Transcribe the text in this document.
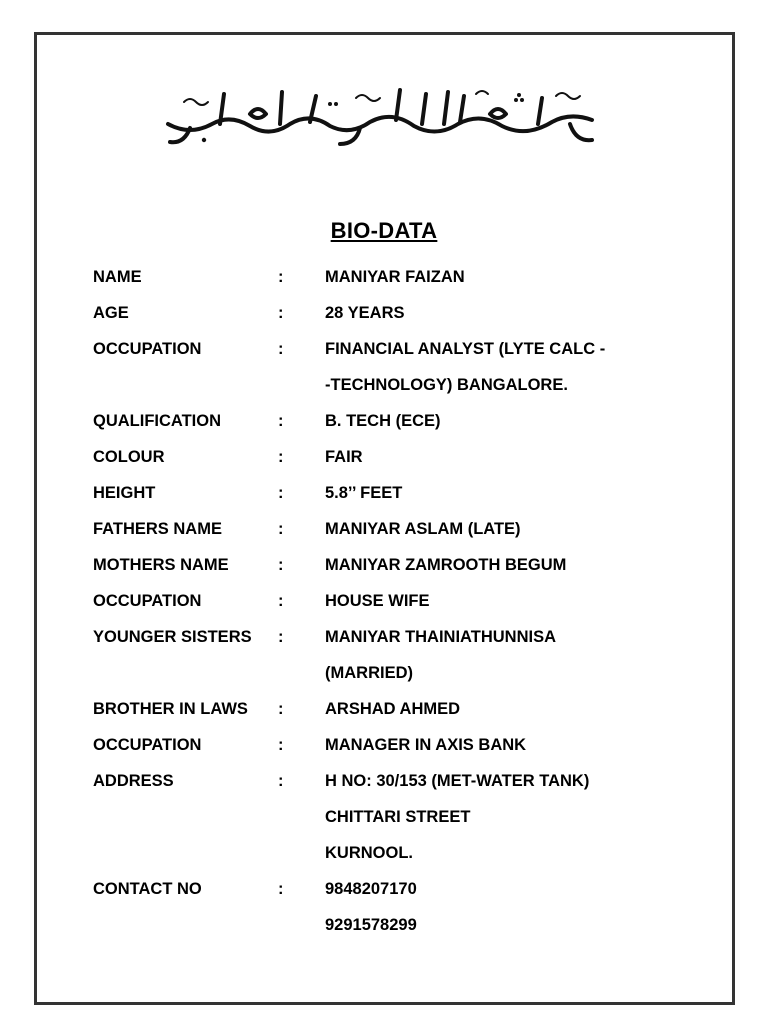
BIO-DATA
NAME	:	MANIYAR FAIZAN
AGE	:	28 YEARS
OCCUPATION	:	FINANCIAL ANALYST (LYTE CALC -
-TECHNOLOGY) BANGALORE.
QUALIFICATION	:	B. TECH (ECE)
COLOUR	:	FAIR
HEIGHT	:	5.8’’ FEET
FATHERS NAME	:	MANIYAR ASLAM (LATE)
MOTHERS NAME	:	MANIYAR ZAMROOTH BEGUM
OCCUPATION	:	HOUSE WIFE
YOUNGER SISTERS :	MANIYAR THAINIATHUNNISA
(MARRIED)
BROTHER IN LAWS :	ARSHAD AHMED
OCCUPATION	:	MANAGER IN AXIS BANK
ADDRESS	:	H NO: 30/153 (MET-WATER TANK)
CHITTARI STREET
KURNOOL.
CONTACT NO	:	9848207170
9291578299
